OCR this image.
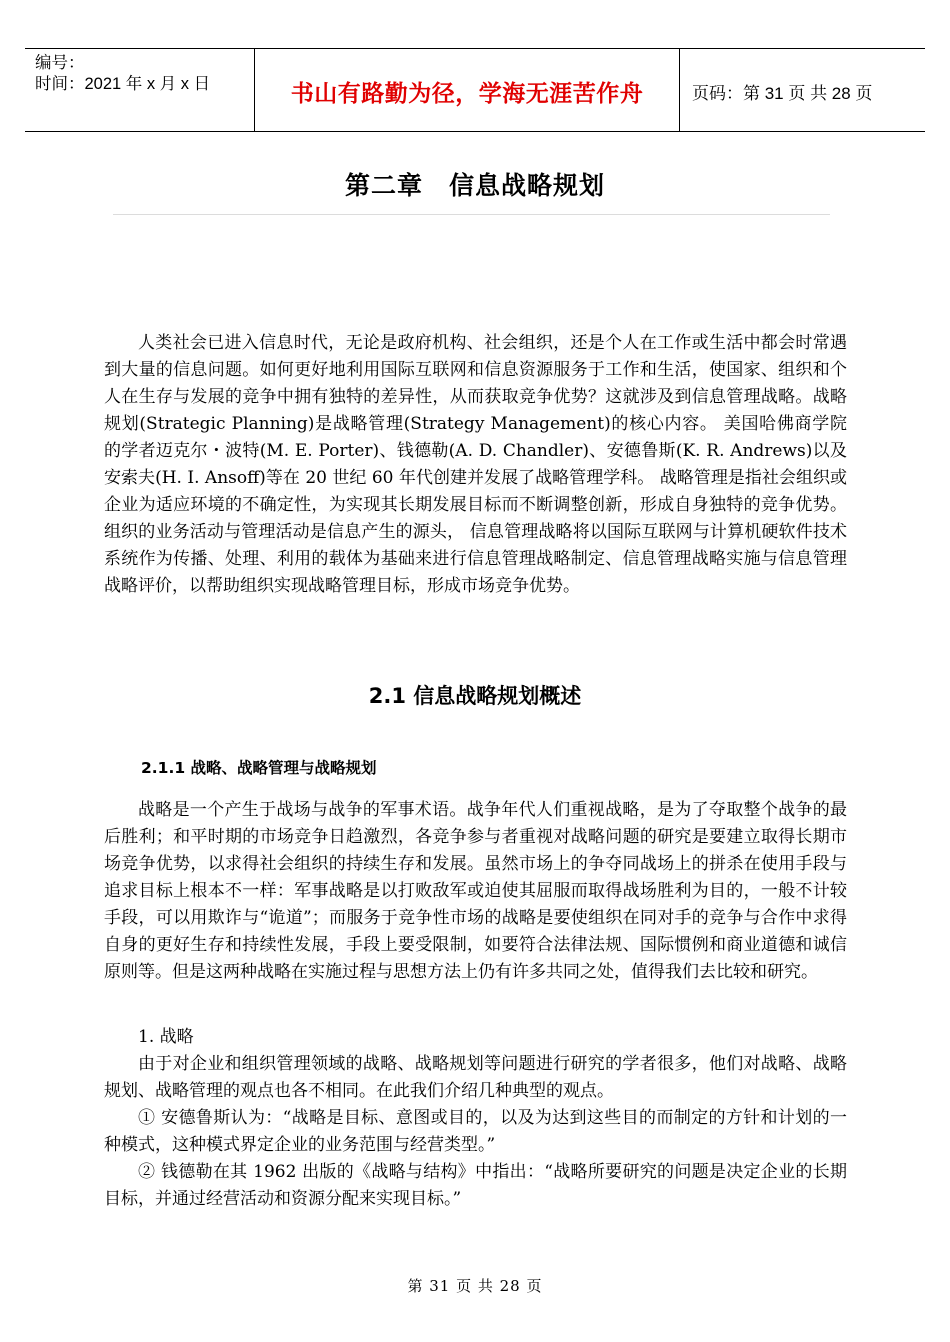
编号：
时间：2021 年 x 月 x 日	书山有路勤为径，学海无涯苦作舟	页码：第 31 页 共 28 页
第二章　信息战略规划

人类社会已进入信息时代，无论是政府机构、社会组织，还是个人在工作或生活中都会时常遇到大量的信息问题。如何更好地利用国际互联网和信息资源服务于工作和生活，使国家、组织和个人在生存与发展的竞争中拥有独特的差异性，从而获取竞争优势？这就涉及到信息管理战略。战略规划(Strategic Planning)是战略管理(Strategy Management)的核心内容。 美国哈佛商学院的学者迈克尔・波特(M. E. Porter)、钱德勒(A. D. Chandler)、安德鲁斯(K. R. Andrews)以及安索夫(H. I. Ansoff)等在 20 世纪 60 年代创建并发展了战略管理学科。 战略管理是指社会组织或企业为适应环境的不确定性，为实现其长期发展目标而不断调整创新，形成自身独特的竞争优势。组织的业务活动与管理活动是信息产生的源头， 信息管理战略将以国际互联网与计算机硬软件技术系统作为传播、处理、利用的载体为基础来进行信息管理战略制定、信息管理战略实施与信息管理战略评价，以帮助组织实现战略管理目标，形成市场竞争优势。

2.1 信息战略规划概述
2.1.1 战略、战略管理与战略规划

战略是一个产生于战场与战争的军事术语。战争年代人们重视战略，是为了夺取整个战争的最后胜利；和平时期的市场竞争日趋激烈，各竞争参与者重视对战略问题的研究是要建立取得长期市场竞争优势，以求得社会组织的持续生存和发展。虽然市场上的争夺同战场上的拼杀在使用手段与追求目标上根本不一样：军事战略是以打败敌军或迫使其屈服而取得战场胜利为目的，一般不计较手段，可以用欺诈与“诡道”；而服务于竞争性市场的战略是要使组织在同对手的竞争与合作中求得自身的更好生存和持续性发展，手段上要受限制，如要符合法律法规、国际惯例和商业道德和诚信原则等。但是这两种战略在实施过程与思想方法上仍有许多共同之处，值得我们去比较和研究。

1. 战略

由于对企业和组织管理领域的战略、战略规划等问题进行研究的学者很多，他们对战略、战略规划、战略管理的观点也各不相同。在此我们介绍几种典型的观点。

① 安德鲁斯认为：“战略是目标、意图或目的，以及为达到这些目的而制定的方针和计划的一种模式，这种模式界定企业的业务范围与经营类型。”

② 钱德勒在其 1962 出版的《战略与结构》中指出：“战略所要研究的问题是决定企业的长期目标，并通过经营活动和资源分配来实现目标。”

第 31 页 共 28 页
